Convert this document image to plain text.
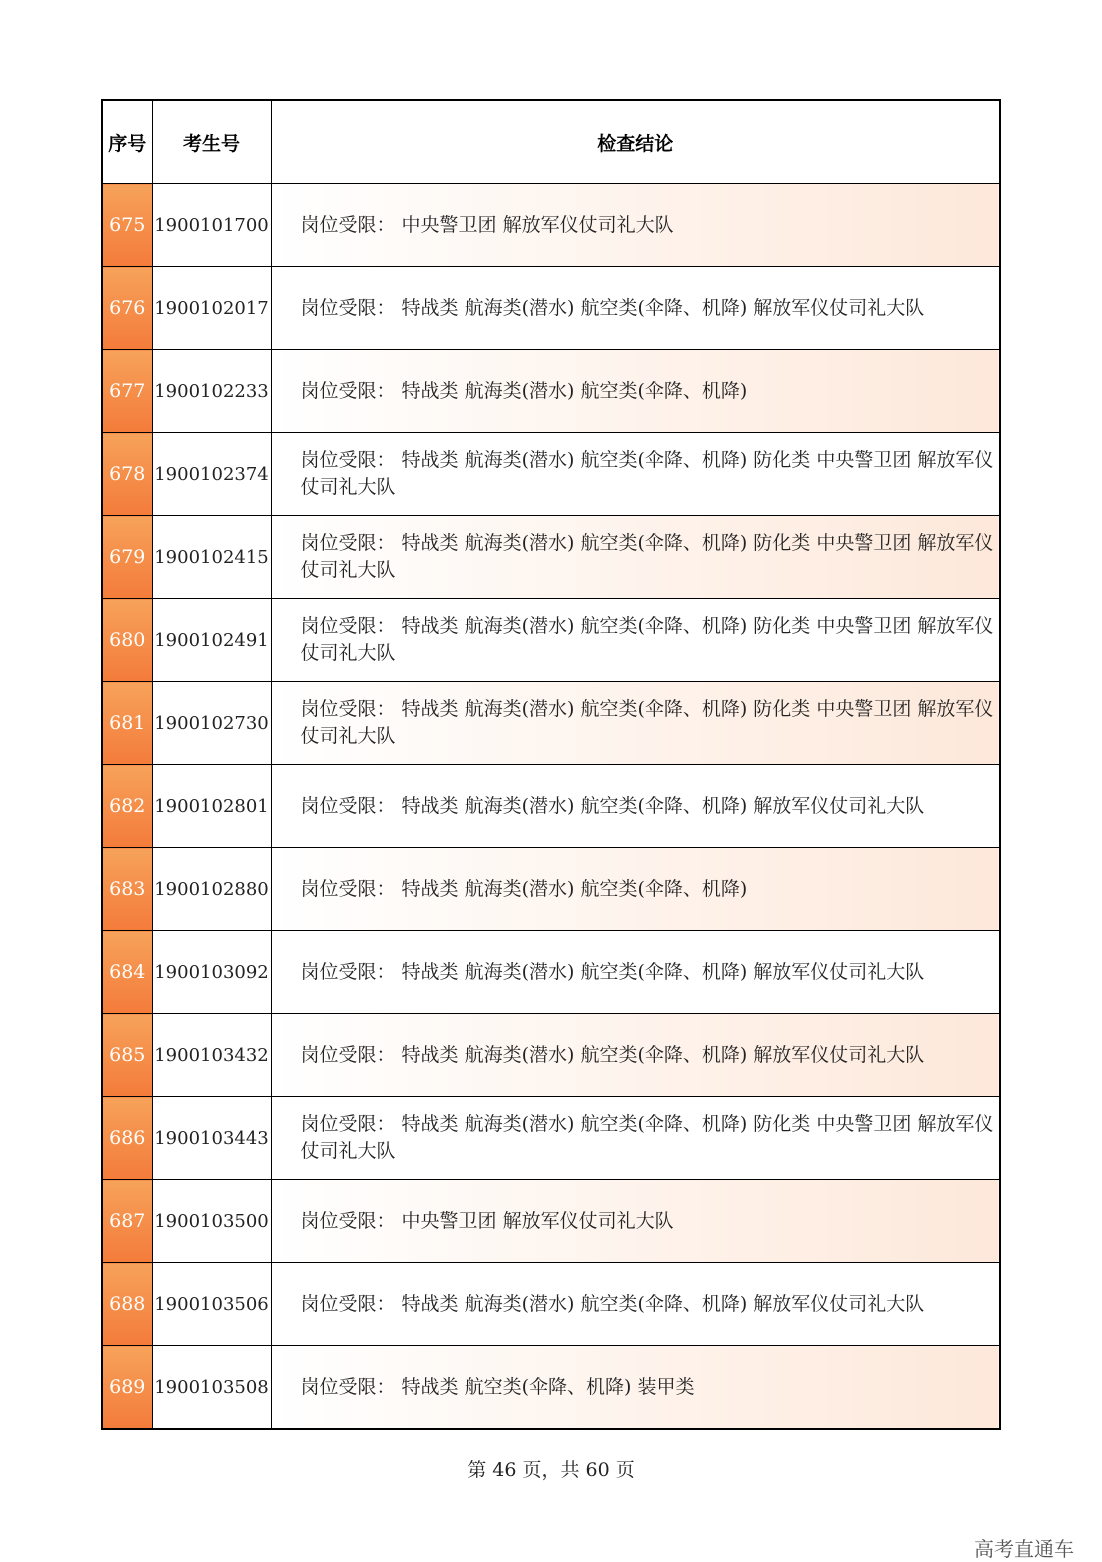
序号	考生号	检查结论
675	1900101700	岗位受限： 中央警卫团 解放军仪仗司礼大队
676	1900102017	岗位受限： 特战类 航海类(潜水) 航空类(伞降、机降) 解放军仪仗司礼大队
677	1900102233	岗位受限： 特战类 航海类(潜水) 航空类(伞降、机降)
678	1900102374	岗位受限： 特战类 航海类(潜水) 航空类(伞降、机降) 防化类 中央警卫团 解放军仪仗司礼大队
679	1900102415	岗位受限： 特战类 航海类(潜水) 航空类(伞降、机降) 防化类 中央警卫团 解放军仪仗司礼大队
680	1900102491	岗位受限： 特战类 航海类(潜水) 航空类(伞降、机降) 防化类 中央警卫团 解放军仪仗司礼大队
681	1900102730	岗位受限： 特战类 航海类(潜水) 航空类(伞降、机降) 防化类 中央警卫团 解放军仪仗司礼大队
682	1900102801	岗位受限： 特战类 航海类(潜水) 航空类(伞降、机降) 解放军仪仗司礼大队
683	1900102880	岗位受限： 特战类 航海类(潜水) 航空类(伞降、机降)
684	1900103092	岗位受限： 特战类 航海类(潜水) 航空类(伞降、机降) 解放军仪仗司礼大队
685	1900103432	岗位受限： 特战类 航海类(潜水) 航空类(伞降、机降) 解放军仪仗司礼大队
686	1900103443	岗位受限： 特战类 航海类(潜水) 航空类(伞降、机降) 防化类 中央警卫团 解放军仪仗司礼大队
687	1900103500	岗位受限： 中央警卫团 解放军仪仗司礼大队
688	1900103506	岗位受限： 特战类 航海类(潜水) 航空类(伞降、机降) 解放军仪仗司礼大队
689	1900103508	岗位受限： 特战类 航空类(伞降、机降) 装甲类
第 46 页，共 60 页
高考直通车
